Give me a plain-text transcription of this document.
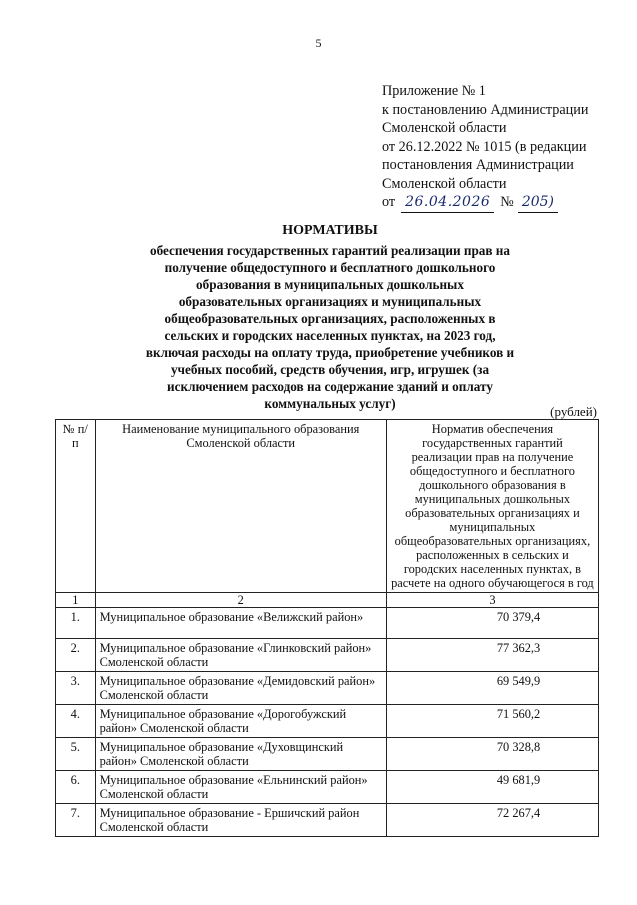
5
Приложение № 1
к постановлению Администрации
Смоленской области
от 26.12.2022 № 1015 (в редакции
постановления Администрации
Смоленской области
от 26.04.2026 № 205)
НОРМАТИВЫ
обеспечения государственных гарантий реализации прав на
получение общедоступного и бесплатного дошкольного
образования в муниципальных дошкольных
образовательных организациях и муниципальных
общеобразовательных организациях, расположенных в
сельских и городских населенных пунктах, на 2023 год,
включая расходы на оплату труда, приобретение учебников и
учебных пособий, средств обучения, игр, игрушек (за
исключением расходов на содержание зданий и оплату
коммунальных услуг)
(рублей)
№ п/п	Наименование муниципального образования Смоленской области	Норматив обеспечения государственных гарантий реализации прав на получение общедоступного и бесплатного дошкольного образования в муниципальных дошкольных образовательных организациях и муниципальных общеобразовательных организациях, расположенных в сельских и городских населенных пунктах, в расчете на одного обучающегося в год
1	2	3
1.	Муниципальное образование «Велижский район»	70 379,4
2.	Муниципальное образование «Глинковский район» Смоленской области	77 362,3
3.	Муниципальное образование «Демидовский район» Смоленской области	69 549,9
4.	Муниципальное образование «Дорогобужский район» Смоленской области	71 560,2
5.	Муниципальное образование «Духовщинский район» Смоленской области	70 328,8
6.	Муниципальное образование «Ельнинский район» Смоленской области	49 681,9
7.	Муниципальное образование - Ершичский район Смоленской области	72 267,4
